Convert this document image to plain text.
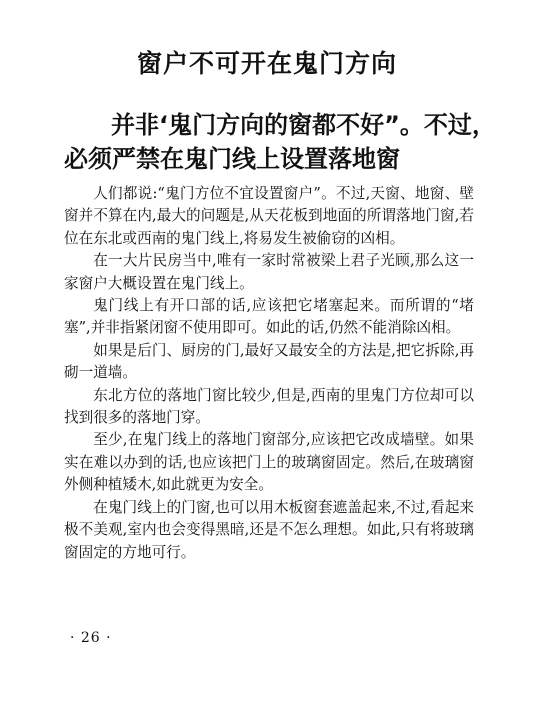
窗户不可开在鬼门方向
并非‘鬼门方向的窗都不好”。不过，
必须严禁在鬼门线上设置落地窗

人们都说:“鬼门方位不宜设置窗户”。不过,天窗、地窗、壁窗并不算在内,最大的问题是,从天花板到地面的所谓落地门窗,若位在东北或西南的鬼门线上,将易发生被偷窃的凶相。

在一大片民房当中,唯有一家时常被梁上君子光顾,那么这一家窗户大概设置在鬼门线上。

鬼门线上有开口部的话,应该把它堵塞起来。而所谓的“堵塞”,并非指紧闭窗不使用即可。如此的话,仍然不能消除凶相。

如果是后门、厨房的门,最好又最安全的方法是,把它拆除,再砌一道墙。

东北方位的落地门窗比较少,但是,西南的里鬼门方位却可以找到很多的落地门穿。

至少,在鬼门线上的落地门窗部分,应该把它改成墙壁。如果实在难以办到的话,也应该把门上的玻璃窗固定。然后,在玻璃窗外侧种植矮木,如此就更为安全。

在鬼门线上的门窗,也可以用木板窗套遮盖起来,不过,看起来极不美观,室内也会变得黑暗,还是不怎么理想。如此,只有将玻璃窗固定的方地可行。

· 26 ·
